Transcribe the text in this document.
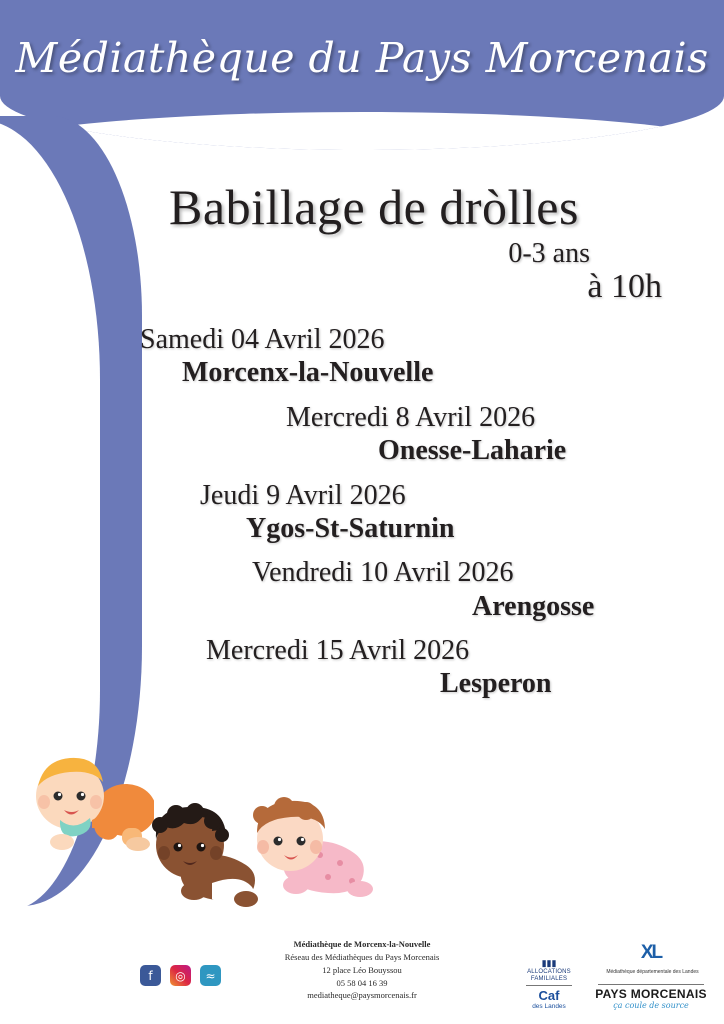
Médiathèque du Pays Morcenais
Babillage de dròlles
0-3 ans
à 10h
Samedi 04 Avril 2026
Morcenx-la-Nouvelle
Mercredi 8 Avril 2026
Onesse-Laharie
Jeudi 9 Avril 2026
Ygos-St-Saturnin
Vendredi 10 Avril 2026
Arengosse
Mercredi 15 Avril 2026
Lesperon
f	◎	≈
Médiathèque de Morcenx-la-Nouvelle
Réseau des Médiathèques du Pays Morcenais
12 place Léo Bouyssou
05 58 04 16 39
mediatheque@paysmorcenais.fr
▮▮▮
ALLOCATIONS FAMILIALES
Caf
des Landes
XL Médiathèque départementale des Landes
PAYS MORCENAIS
ça coule de source
